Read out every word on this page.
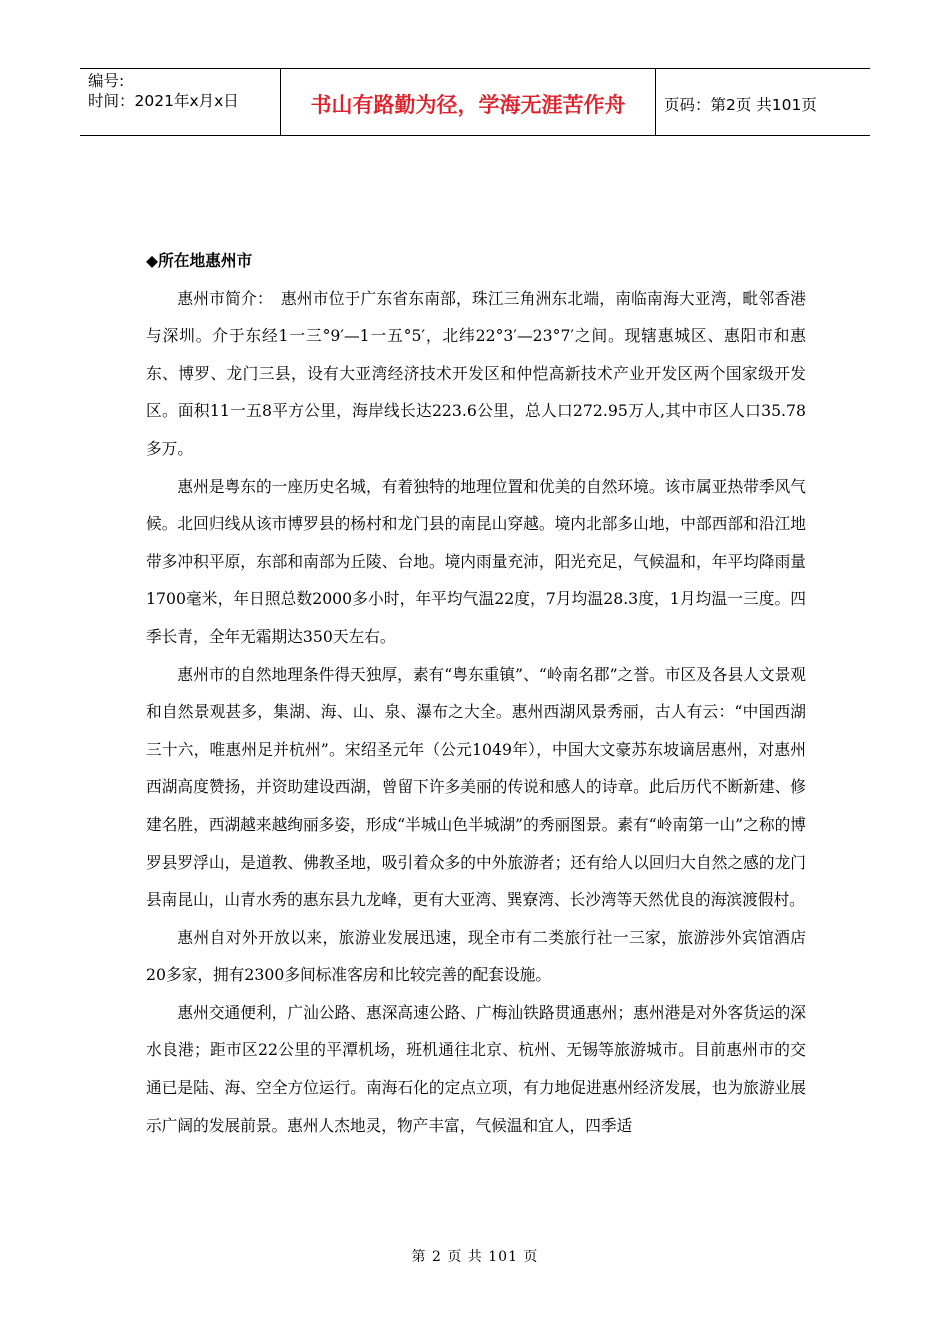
编号:
时间：2021年x月x日	书山有路勤为径，学海无涯苦作舟	页码：第2页 共101页

◆所在地惠州市

惠州市简介：　惠州市位于广东省东南部，珠江三角洲东北端，南临南海大亚湾，毗邻香港与深圳。介于东经1一三°9′—1一五°5′，北纬22°3′—23°7′之间。现辖惠城区、惠阳市和惠东、博罗、龙门三县，设有大亚湾经济技术开发区和仲恺高新技术产业开发区两个国家级开发区。面积11一五8平方公里，海岸线长达223.6公里，总人口272.95万人,其中市区人口35.78多万。

惠州是粤东的一座历史名城，有着独特的地理位置和优美的自然环境。该市属亚热带季风气候。北回归线从该市博罗县的杨村和龙门县的南昆山穿越。境内北部多山地，中部西部和沿江地带多冲积平原，东部和南部为丘陵、台地。境内雨量充沛，阳光充足，气候温和，年平均降雨量1700毫米，年日照总数2000多小时，年平均气温22度，7月均温28.3度，1月均温一三度。四季长青，全年无霜期达350天左右。

惠州市的自然地理条件得天独厚，素有“粤东重镇”、“岭南名郡”之誉。市区及各县人文景观和自然景观甚多，集湖、海、山、泉、瀑布之大全。惠州西湖风景秀丽，古人有云：“中国西湖三十六，唯惠州足并杭州”。宋绍圣元年（公元1049年），中国大文豪苏东坡谪居惠州，对惠州西湖高度赞扬，并资助建设西湖，曾留下许多美丽的传说和感人的诗章。此后历代不断新建、修建名胜，西湖越来越绚丽多姿，形成“半城山色半城湖”的秀丽图景。素有“岭南第一山”之称的博罗县罗浮山，是道教、佛教圣地，吸引着众多的中外旅游者；还有给人以回归大自然之感的龙门县南昆山，山青水秀的惠东县九龙峰，更有大亚湾、巽寮湾、长沙湾等天然优良的海滨渡假村。

惠州自对外开放以来，旅游业发展迅速，现全市有二类旅行社一三家，旅游涉外宾馆酒店20多家，拥有2300多间标准客房和比较完善的配套设施。

惠州交通便利，广汕公路、惠深高速公路、广梅汕铁路贯通惠州；惠州港是对外客货运的深水良港；距市区22公里的平潭机场，班机通往北京、杭州、无锡等旅游城市。目前惠州市的交通已是陆、海、空全方位运行。南海石化的定点立项，有力地促进惠州经济发展，也为旅游业展示广阔的发展前景。惠州人杰地灵，物产丰富，气候温和宜人，四季适

第 2 页 共 101 页
